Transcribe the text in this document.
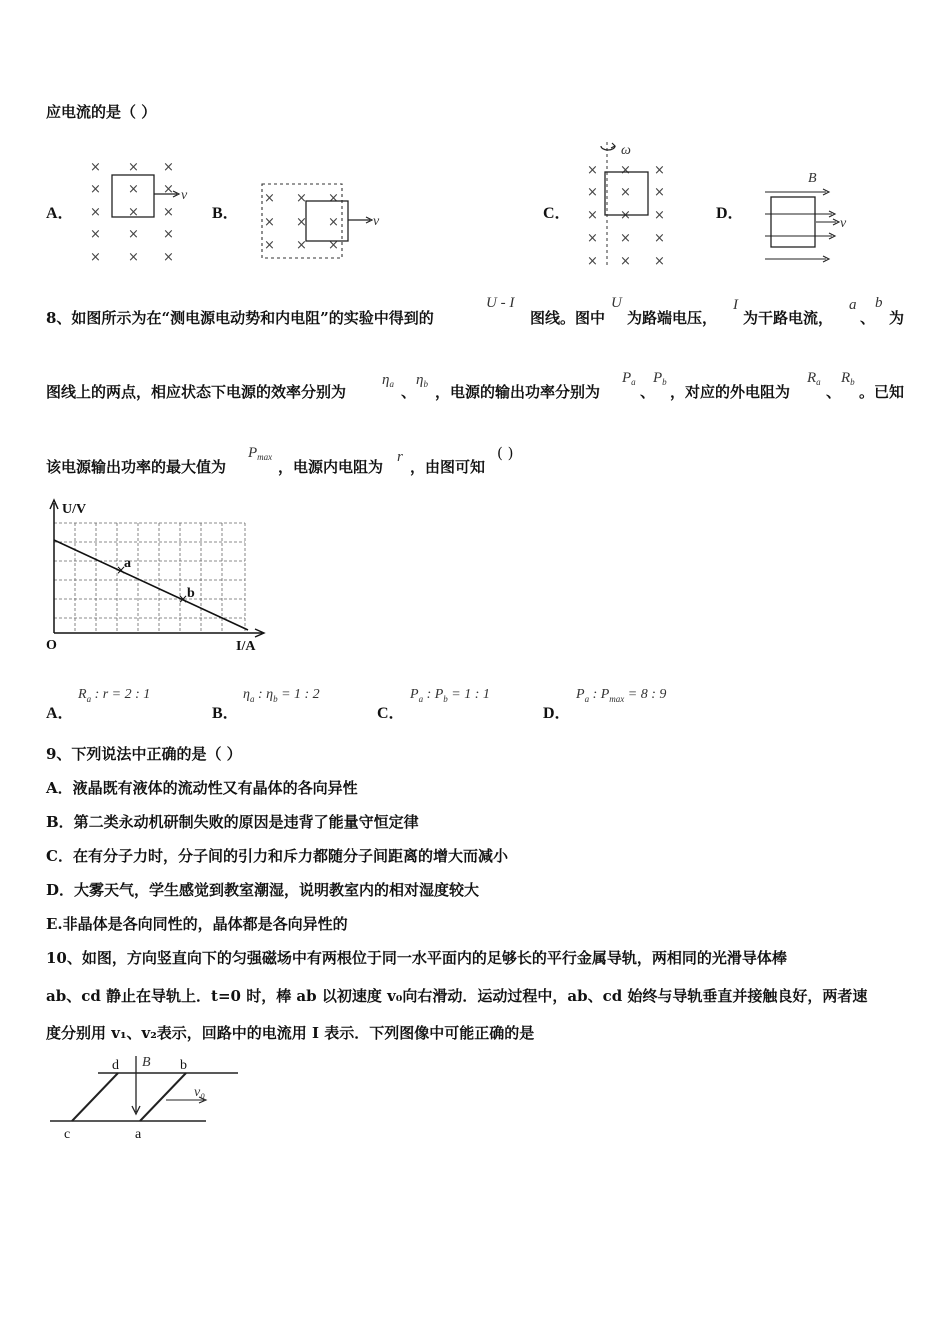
应电流的是（ ）
A．
× × ×
× × ×
× × ×
× × ×
× × ×
v
B．
× × ×
× × ×
× × ×
v	C．
ω
× × ×
× × ×
× × ×
× × ×
× × ×
D．
B
v
8、如图所示为在“测电源电动势和内电阻”的实验中得到的
U - I
图线。图中
U
为路端电压，
I
为干路电流，
a
、
b
为
图线上的两点，相应状态下电源的效率分别为
$\eta_a$ 、
$\eta_b$ ，电源的输出功率分别为
$P_a$
、
$P_b$
，对应的外电阻为
$R_a$
、
$R_b$
。已知
该电源输出功率的最大值为
$P_{max}$
，电源内电阻为
r
，由图可知
( )
×
×
U/V
I/A
O
a
b
A．
$R_a$ : r = 2 : 1
B．
$\eta_a$ : $\eta_b = 1$ : 2
C．
$P_a$ : $P_b = 1$ : 1
D．
$P_a$ : $P_{max} = 8$ : 9
9、下列说法中正确的是（ ）
A．液晶既有液体的流动性又有晶体的各向异性
B．第二类永动机研制失败的原因是违背了能量守恒定律
C．在有分子力时，分子间的引力和斥力都随分子间距离的增大而减小
D．大雾天气，学生感觉到教室潮湿，说明教室内的相对湿度较大
E.非晶体是各向同性的，晶体都是各向异性的
10、如图，方向竖直向下的匀强磁场中有两根位于同一水平面内的足够长的平行金属导轨，两相同的光滑导体棒
ab、cd 静止在导轨上．t=0 时，棒 ab 以初速度 v₀向右滑动．运动过程中，ab、cd 始终与导轨垂直并接触良好，两者速
度分别用 v₁、v₂表示，回路中的电流用 I 表示．下列图像中可能正确的是
d B b
v₀
c	a
